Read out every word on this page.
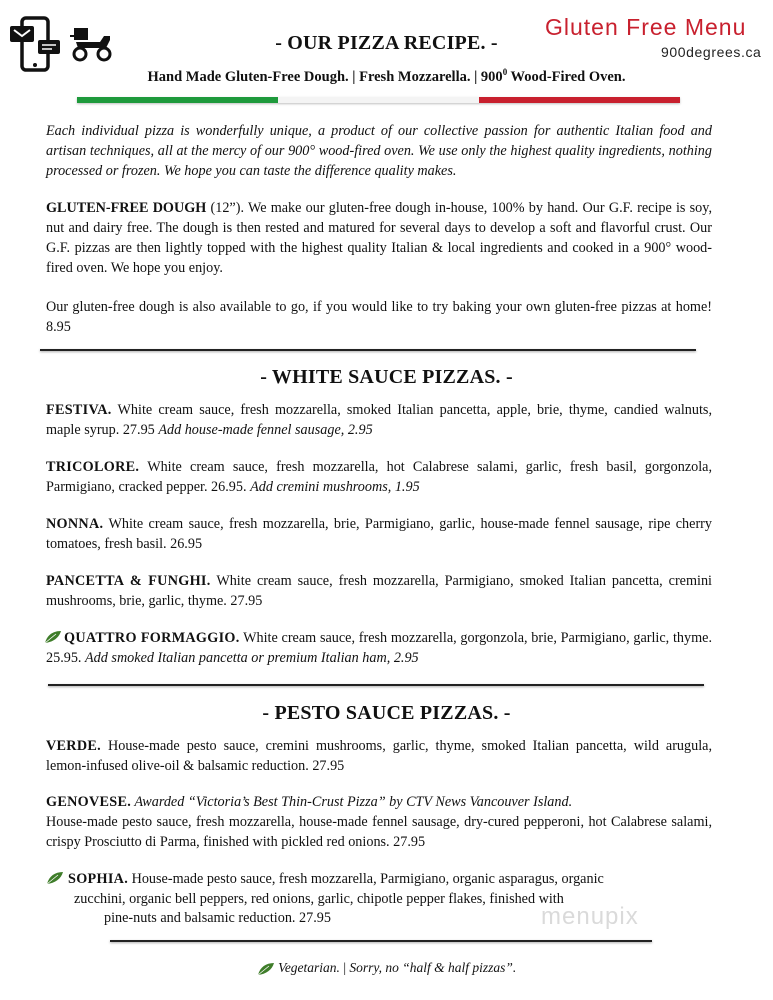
Gluten Free Menu
900degrees.ca
- OUR PIZZA RECIPE. -
Hand Made Gluten-Free Dough. | Fresh Mozzarella. | $900^0$ Wood-Fired Oven.
Each individual pizza is wonderfully unique, a product of our collective passion for authentic Italian food and artisan techniques, all at the mercy of our 900° wood-fired oven. We use only the highest quality ingredients, nothing processed or frozen. We hope you can taste the difference quality makes.
GLUTEN-FREE DOUGH (12”). We make our gluten-free dough in-house, 100% by hand. Our G.F. recipe is soy, nut and dairy free. The dough is then rested and matured for several days to develop a soft and flavorful crust. Our G.F. pizzas are then lightly topped with the highest quality Italian & local ingredients and cooked in a 900° wood-fired oven. We hope you enjoy.
Our gluten-free dough is also available to go, if you would like to try baking your own gluten-free pizzas at home! 8.95
- WHITE SAUCE PIZZAS. -
FESTIVA. White cream sauce, fresh mozzarella, smoked Italian pancetta, apple, brie, thyme, candied walnuts, maple syrup. 27.95 Add house-made fennel sausage, 2.95
TRICOLORE. White cream sauce, fresh mozzarella, hot Calabrese salami, garlic, fresh basil, gorgonzola, Parmigiano, cracked pepper. 26.95. Add cremini mushrooms, 1.95
NONNA. White cream sauce, fresh mozzarella, brie, Parmigiano, garlic, house-made fennel sausage, ripe cherry tomatoes, fresh basil. 26.95
PANCETTA & FUNGHI. White cream sauce, fresh mozzarella, Parmigiano, smoked Italian pancetta, cremini mushrooms, brie, garlic, thyme. 27.95
QUATTRO FORMAGGIO. White cream sauce, fresh mozzarella, gorgonzola, brie, Parmigiano, garlic, thyme. 25.95. Add smoked Italian pancetta or premium Italian ham, 2.95
- PESTO SAUCE PIZZAS. -
VERDE. House-made pesto sauce, cremini mushrooms, garlic, thyme, smoked Italian pancetta, wild arugula, lemon-infused olive-oil & balsamic reduction. 27.95
GENOVESE. Awarded “Victoria’s Best Thin-Crust Pizza” by CTV News Vancouver Island.
House-made pesto sauce, fresh mozzarella, house-made fennel sausage, dry-cured pepperoni, hot Calabrese salami, crispy Prosciutto di Parma, finished with pickled red onions. 27.95
SOPHIA. House-made pesto sauce, fresh mozzarella, Parmigiano, organic asparagus, organic
zucchini, organic bell peppers, red onions, garlic, chipotle pepper flakes, finished with
pine-nuts and balsamic reduction. 27.95	menupix
Vegetarian. | Sorry, no “half & half pizzas”.
